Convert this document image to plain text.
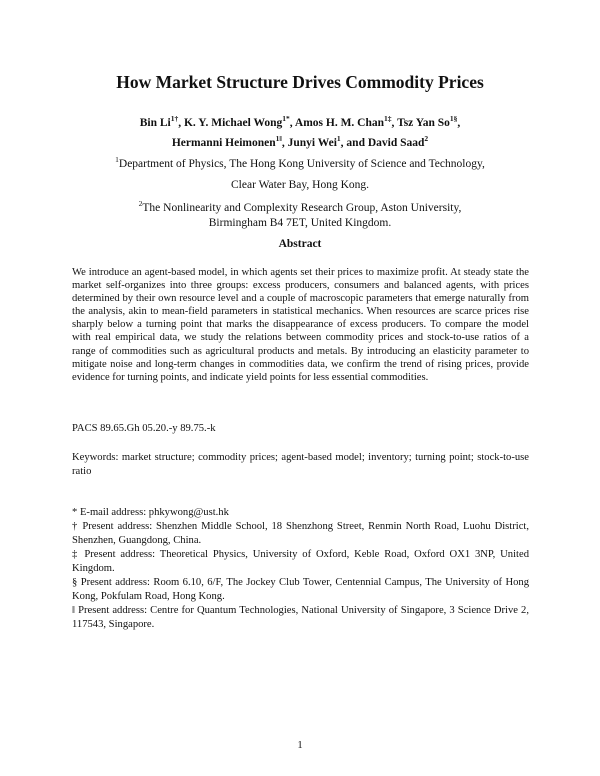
How Market Structure Drives Commodity Prices
Bin $Li^{1\dagger}$, K. Y. Michael Wong$^{1*}$, Amos H. M. Chan$^{1\ddagger}$, Tsz Yan $So^{1\S}$,
Hermanni Heimonen$^{1‖}$, Junyi Wei$^1$, and David Saad$^2$
$^1$Department of Physics, The Hong Kong University of Science and Technology,
Clear Water Bay, Hong Kong.
$^2$The Nonlinearity and Complexity Research Group, Aston University,
Birmingham B4 7ET, United Kingdom.
Abstract
We introduce an agent-based model, in which agents set their prices to maximize profit. At steady state the market self-organizes into three groups: excess producers, consumers and balanced agents, with prices determined by their own resource level and a couple of macroscopic parameters that emerge naturally from the analysis, akin to mean-field parameters in statistical mechanics. When resources are scarce prices rise sharply below a turning point that marks the disappearance of excess producers. To compare the model with real empirical data, we study the relations between commodity prices and stock-to-use ratios of a range of commodities such as agricultural products and metals. By introducing an elasticity parameter to mitigate noise and long-term changes in commodities data, we confirm the trend of rising prices, provide evidence for turning points, and indicate yield points for less essential commodities.
PACS 89.65.Gh 05.20.-y 89.75.-k
Keywords: market structure; commodity prices; agent-based model; inventory; turning point; stock-to-use ratio

* E-mail address: phkywong@ust.hk

† Present address: Shenzhen Middle School, 18 Shenzhong Street, Renmin North Road, Luohu District, Shenzhen, Guangdong, China.

‡ Present address: Theoretical Physics, University of Oxford, Keble Road, Oxford OX1 3NP, United Kingdom.

§ Present address: Room 6.10, 6/F, The Jockey Club Tower, Centennial Campus, The University of Hong Kong, Pokfulam Road, Hong Kong.

‖ Present address: Centre for Quantum Technologies, National University of Singapore, 3 Science Drive 2, 117543, Singapore.

1
